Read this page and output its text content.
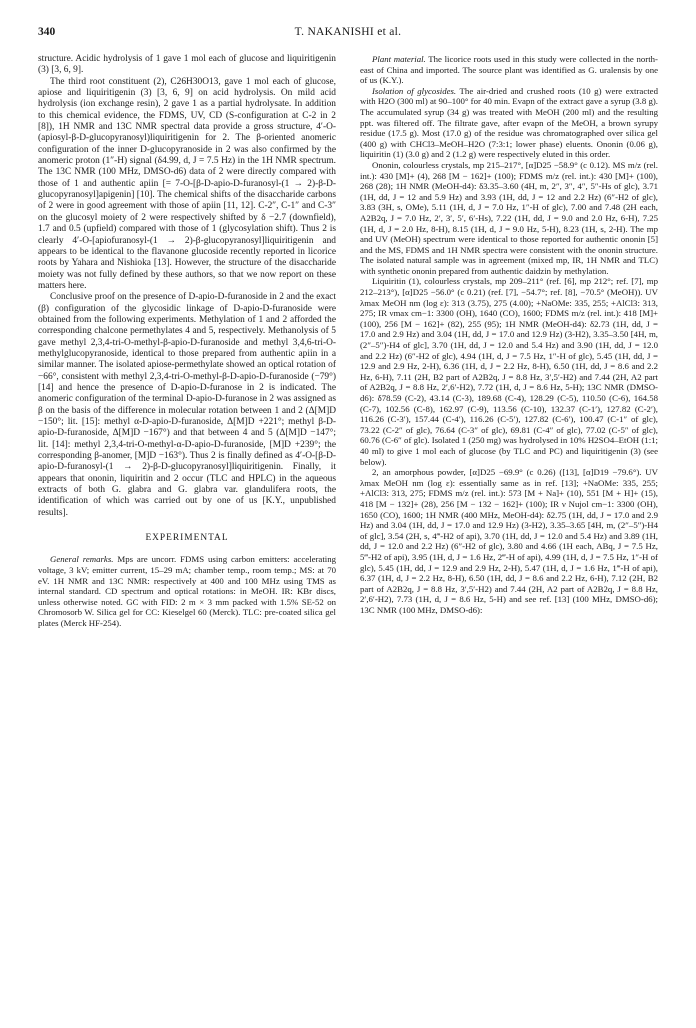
340	T. NAKANISHI et al.

structure. Acidic hydrolysis of 1 gave 1 mol each of glucose and liquiritigenin (3) [3, 6, 9].

The third root constituent (2), C26H30O13, gave 1 mol each of glucose, apiose and liquiritigenin (3) [3, 6, 9] on acid hydrolysis. On mild acid hydrolysis (ion exchange resin), 2 gave 1 as a partial hydrolysate. In addition to this chemical evidence, the FDMS, UV, CD (S-configuration at C-2 in 2 [8]), 1H NMR and 13C NMR spectral data provide a gross structure, 4′-O-(apiosyl-β-D-glucopyranosyl)liquiritigenin for 2. The β-oriented anomeric configuration of the inner D-glucopyranoside in 2 was also confirmed by the anomeric proton (1″-H) signal (δ4.99, d, J = 7.5 Hz) in the 1H NMR spectrum. The 13C NMR (100 MHz, DMSO-d6) data of 2 were directly compared with those of 1 and authentic apiin [= 7-O-[β-D-apio-D-furanosyl-(1 → 2)-β-D-glucopyranosyl]apigenin] [10]. The chemical shifts of the disaccharide carbons of 2 were in good agreement with those of apiin [11, 12]. C-2″, C-1″ and C-3″ on the glucosyl moiety of 2 were respectively shifted by δ −2.7 (downfield), 1.7 and 0.5 (upfield) compared with those of 1 (glycosylation shift). Thus 2 is clearly 4′-O-[apiofuranosyl-(1 → 2)-β-glucopyranosyl]liquiritigenin and appears to be identical to the flavanone glucoside recently reported in licorice roots by Yahara and Nishioka [13]. However, the structure of the disaccharide moiety was not fully defined by these authors, so that we now report on these matters here.

Conclusive proof on the presence of D-apio-D-furanoside in 2 and the exact (β) configuration of the glycosidic linkage of D-apio-D-furanoside were obtained from the following experiments. Methylation of 1 and 2 afforded the corresponding chalcone permethylates 4 and 5, respectively. Methanolysis of 5 gave methyl 2,3,4-tri-O-methyl-β-apio-D-furanoside and methyl 3,4,6-tri-O-methylglucopyranoside, identical to those prepared from authentic apiin in a similar manner. The isolated apiose-permethylate showed an optical rotation of −66°, consistent with methyl 2,3,4-tri-O-methyl-β-D-apio-D-furanoside (−79°) [14] and hence the presence of D-apio-D-furanose in 2 is indicated. The anomeric configuration of the terminal D-apio-D-furanose in 2 was assigned as β on the basis of the difference in molecular rotation between 1 and 2 (Δ[M]D −150°; lit. [15]: methyl α-D-apio-D-furanoside, Δ[M]D +221°; methyl β-D-apio-D-furanoside, Δ[M]D −167°) and that between 4 and 5 (Δ[M]D −147°; lit. [14]: methyl 2,3,4-tri-O-methyl-α-D-apio-D-furanoside, [M]D +239°; the corresponding β-anomer, [M]D −163°). Thus 2 is finally defined as 4′-O-[β-D-apio-D-furanosyl-(1 → 2)-β-D-glucopyranosyl]liquiritigenin. Finally, it appears that ononin, liquiritin and 2 occur (TLC and HPLC) in the aqueous extracts of both G. glabra and G. glabra var. glandulifera roots, the identification of which was carried out by one of us [K.Y., unpublished results].

EXPERIMENTAL

General remarks. Mps are uncorr. FDMS using carbon emitters: accelerating voltage, 3 kV; emitter current, 15–29 mA; chamber temp., room temp.; MS: at 70 eV. 1H NMR and 13C NMR: respectively at 400 and 100 MHz using TMS as internal standard. CD spectrum and optical rotations: in MeOH. IR: KBr discs, unless otherwise noted. GC with FID: 2 m × 3 mm packed with 1.5% SE-52 on Chromosorb W. Silica gel for CC: Kieselgel 60 (Merck). TLC: pre-coated silica gel plates (Merck HF-254).

Plant material. The licorice roots used in this study were collected in the north-east of China and imported. The source plant was identified as G. uralensis by one of us (K.Y.).

Isolation of glycosides. The air-dried and crushed roots (10 g) were extracted with H2O (300 ml) at 90–100° for 40 min. Evapn of the extract gave a syrup (3.8 g). The accumulated syrup (34 g) was treated with MeOH (200 ml) and the resulting ppt. was filtered off. The filtrate gave, after evapn of the MeOH, a brown syrupy residue (17.5 g). Most (17.0 g) of the residue was chromatographed over silica gel (400 g) with CHCl3–MeOH–H2O (7:3:1; lower phase) eluents. Ononin (0.06 g), liquiritin (1) (3.0 g) and 2 (1.2 g) were respectively eluted in this order.

Ononin, colourless crystals, mp 215–217°, [α]D25 −58.9° (c 0.12). MS m/z (rel. int.): 430 [M]+ (4), 268 [M − 162]+ (100); FDMS m/z (rel. int.): 430 [M]+ (100), 268 (28); 1H NMR (MeOH-d4): δ3.35–3.60 (4H, m, 2″, 3″, 4″, 5″-Hs of glc), 3.71 (1H, dd, J = 12 and 5.9 Hz) and 3.93 (1H, dd, J = 12 and 2.2 Hz) (6″-H2 of glc), 3.83 (3H, s, OMe), 5.11 (1H, d, J = 7.0 Hz, 1″-H of glc), 7.00 and 7.48 (2H each, A2B2q, J = 7.0 Hz, 2′, 3′, 5′, 6′-Hs), 7.22 (1H, dd, J = 9.0 and 2.0 Hz, 6-H), 7.25 (1H, d, J = 2.0 Hz, 8-H), 8.15 (1H, d, J = 9.0 Hz, 5-H), 8.23 (1H, s, 2-H). The mp and UV (MeOH) spectrum were identical to those reported for authentic ononin [5] and the MS, FDMS and 1H NMR spectra were consistent with the ononin structure. The isolated natural sample was in agreement (mixed mp, IR, 1H NMR and TLC) with synthetic ononin prepared from authentic daidzin by methylation.

Liquiritin (1), colourless crystals, mp 209–211° (ref. [6], mp 212°; ref. [7], mp 212–213°), [α]D25 −56.0° (c 0.21) (ref. [7], −54.7°; ref. [8], −70.5° (MeOH)). UV λmax MeOH nm (log ε): 313 (3.75), 275 (4.00); +NaOMe: 335, 255; +AlCl3: 313, 275; IR νmax cm−1: 3300 (OH), 1640 (CO), 1600; FDMS m/z (rel. int.): 418 [M]+ (100), 256 [M − 162]+ (82), 255 (95); 1H NMR (MeOH-d4): δ2.73 (1H, dd, J = 17.0 and 2.9 Hz) and 3.04 (1H, dd, J = 17.0 and 12.9 Hz) (3-H2), 3.35–3.50 [4H, m, (2″–5″)-H4 of glc], 3.70 (1H, dd, J = 12.0 and 5.4 Hz) and 3.90 (1H, dd, J = 12.0 and 2.2 Hz) (6″-H2 of glc), 4.94 (1H, d, J = 7.5 Hz, 1″-H of glc), 5.45 (1H, dd, J = 12.9 and 2.9 Hz, 2-H), 6.36 (1H, d, J = 2.2 Hz, 8-H), 6.50 (1H, dd, J = 8.6 and 2.2 Hz, 6-H), 7.11 (2H, B2 part of A2B2q, J = 8.8 Hz, 3′,5′-H2) and 7.44 (2H, A2 part of A2B2q, J = 8.8 Hz, 2′,6′-H2), 7.72 (1H, d, J = 8.6 Hz, 5-H); 13C NMR (DMSO-d6): δ78.59 (C-2), 43.14 (C-3), 189.68 (C-4), 128.29 (C-5), 110.50 (C-6), 164.58 (C-7), 102.56 (C-8), 162.97 (C-9), 113.56 (C-10), 132.37 (C-1′), 127.82 (C-2′), 116.26 (C-3′), 157.44 (C-4′), 116.26 (C-5′), 127.82 (C-6′), 100.47 (C-1″ of glc), 73.22 (C-2″ of glc), 76.64 (C-3″ of glc), 69.81 (C-4″ of glc), 77.02 (C-5″ of glc), 60.76 (C-6″ of glc). Isolated 1 (250 mg) was hydrolysed in 10% H2SO4–EtOH (1:1; 40 ml) to give 1 mol each of glucose (by TLC and PC) and liquiritigenin (3) (see below).

2, an amorphous powder, [α]D25 −69.9° (c 0.26) ([13], [α]D19 −79.6°). UV λmax MeOH nm (log ε): essentially same as in ref. [13]; +NaOMe: 335, 255; +AlCl3: 313, 275; FDMS m/z (rel. int.): 573 [M + Na]+ (10), 551 [M + H]+ (15), 418 [M − 132]+ (28), 256 [M − 132 − 162]+ (100); IR ν Nujol cm−1: 3300 (OH), 1650 (CO), 1600; 1H NMR (400 MHz, MeOH-d4): δ2.75 (1H, dd, J = 17.0 and 2.9 Hz) and 3.04 (1H, dd, J = 17.0 and 12.9 Hz) (3-H2), 3.35–3.65 [4H, m, (2″–5″)-H4 of glc], 3.54 (2H, s, 4‴-H2 of api), 3.70 (1H, dd, J = 12.0 and 5.4 Hz) and 3.89 (1H, dd, J = 12.0 and 2.2 Hz) (6″-H2 of glc), 3.80 and 4.66 (1H each, ABq, J = 7.5 Hz, 5‴-H2 of api), 3.95 (1H, d, J = 1.6 Hz, 2‴-H of api), 4.99 (1H, d, J = 7.5 Hz, 1″-H of glc), 5.45 (1H, dd, J = 12.9 and 2.9 Hz, 2-H), 5.47 (1H, d, J = 1.6 Hz, 1‴-H of api), 6.37 (1H, d, J = 2.2 Hz, 8-H), 6.50 (1H, dd, J = 8.6 and 2.2 Hz, 6-H), 7.12 (2H, B2 part of A2B2q, J = 8.8 Hz, 3′,5′-H2) and 7.44 (2H, A2 part of A2B2q, J = 8.8 Hz, 2′,6′-H2), 7.73 (1H, d, J = 8.6 Hz, 5-H) and see ref. [13] (100 MHz, DMSO-d6); 13C NMR (100 MHz, DMSO-d6):
